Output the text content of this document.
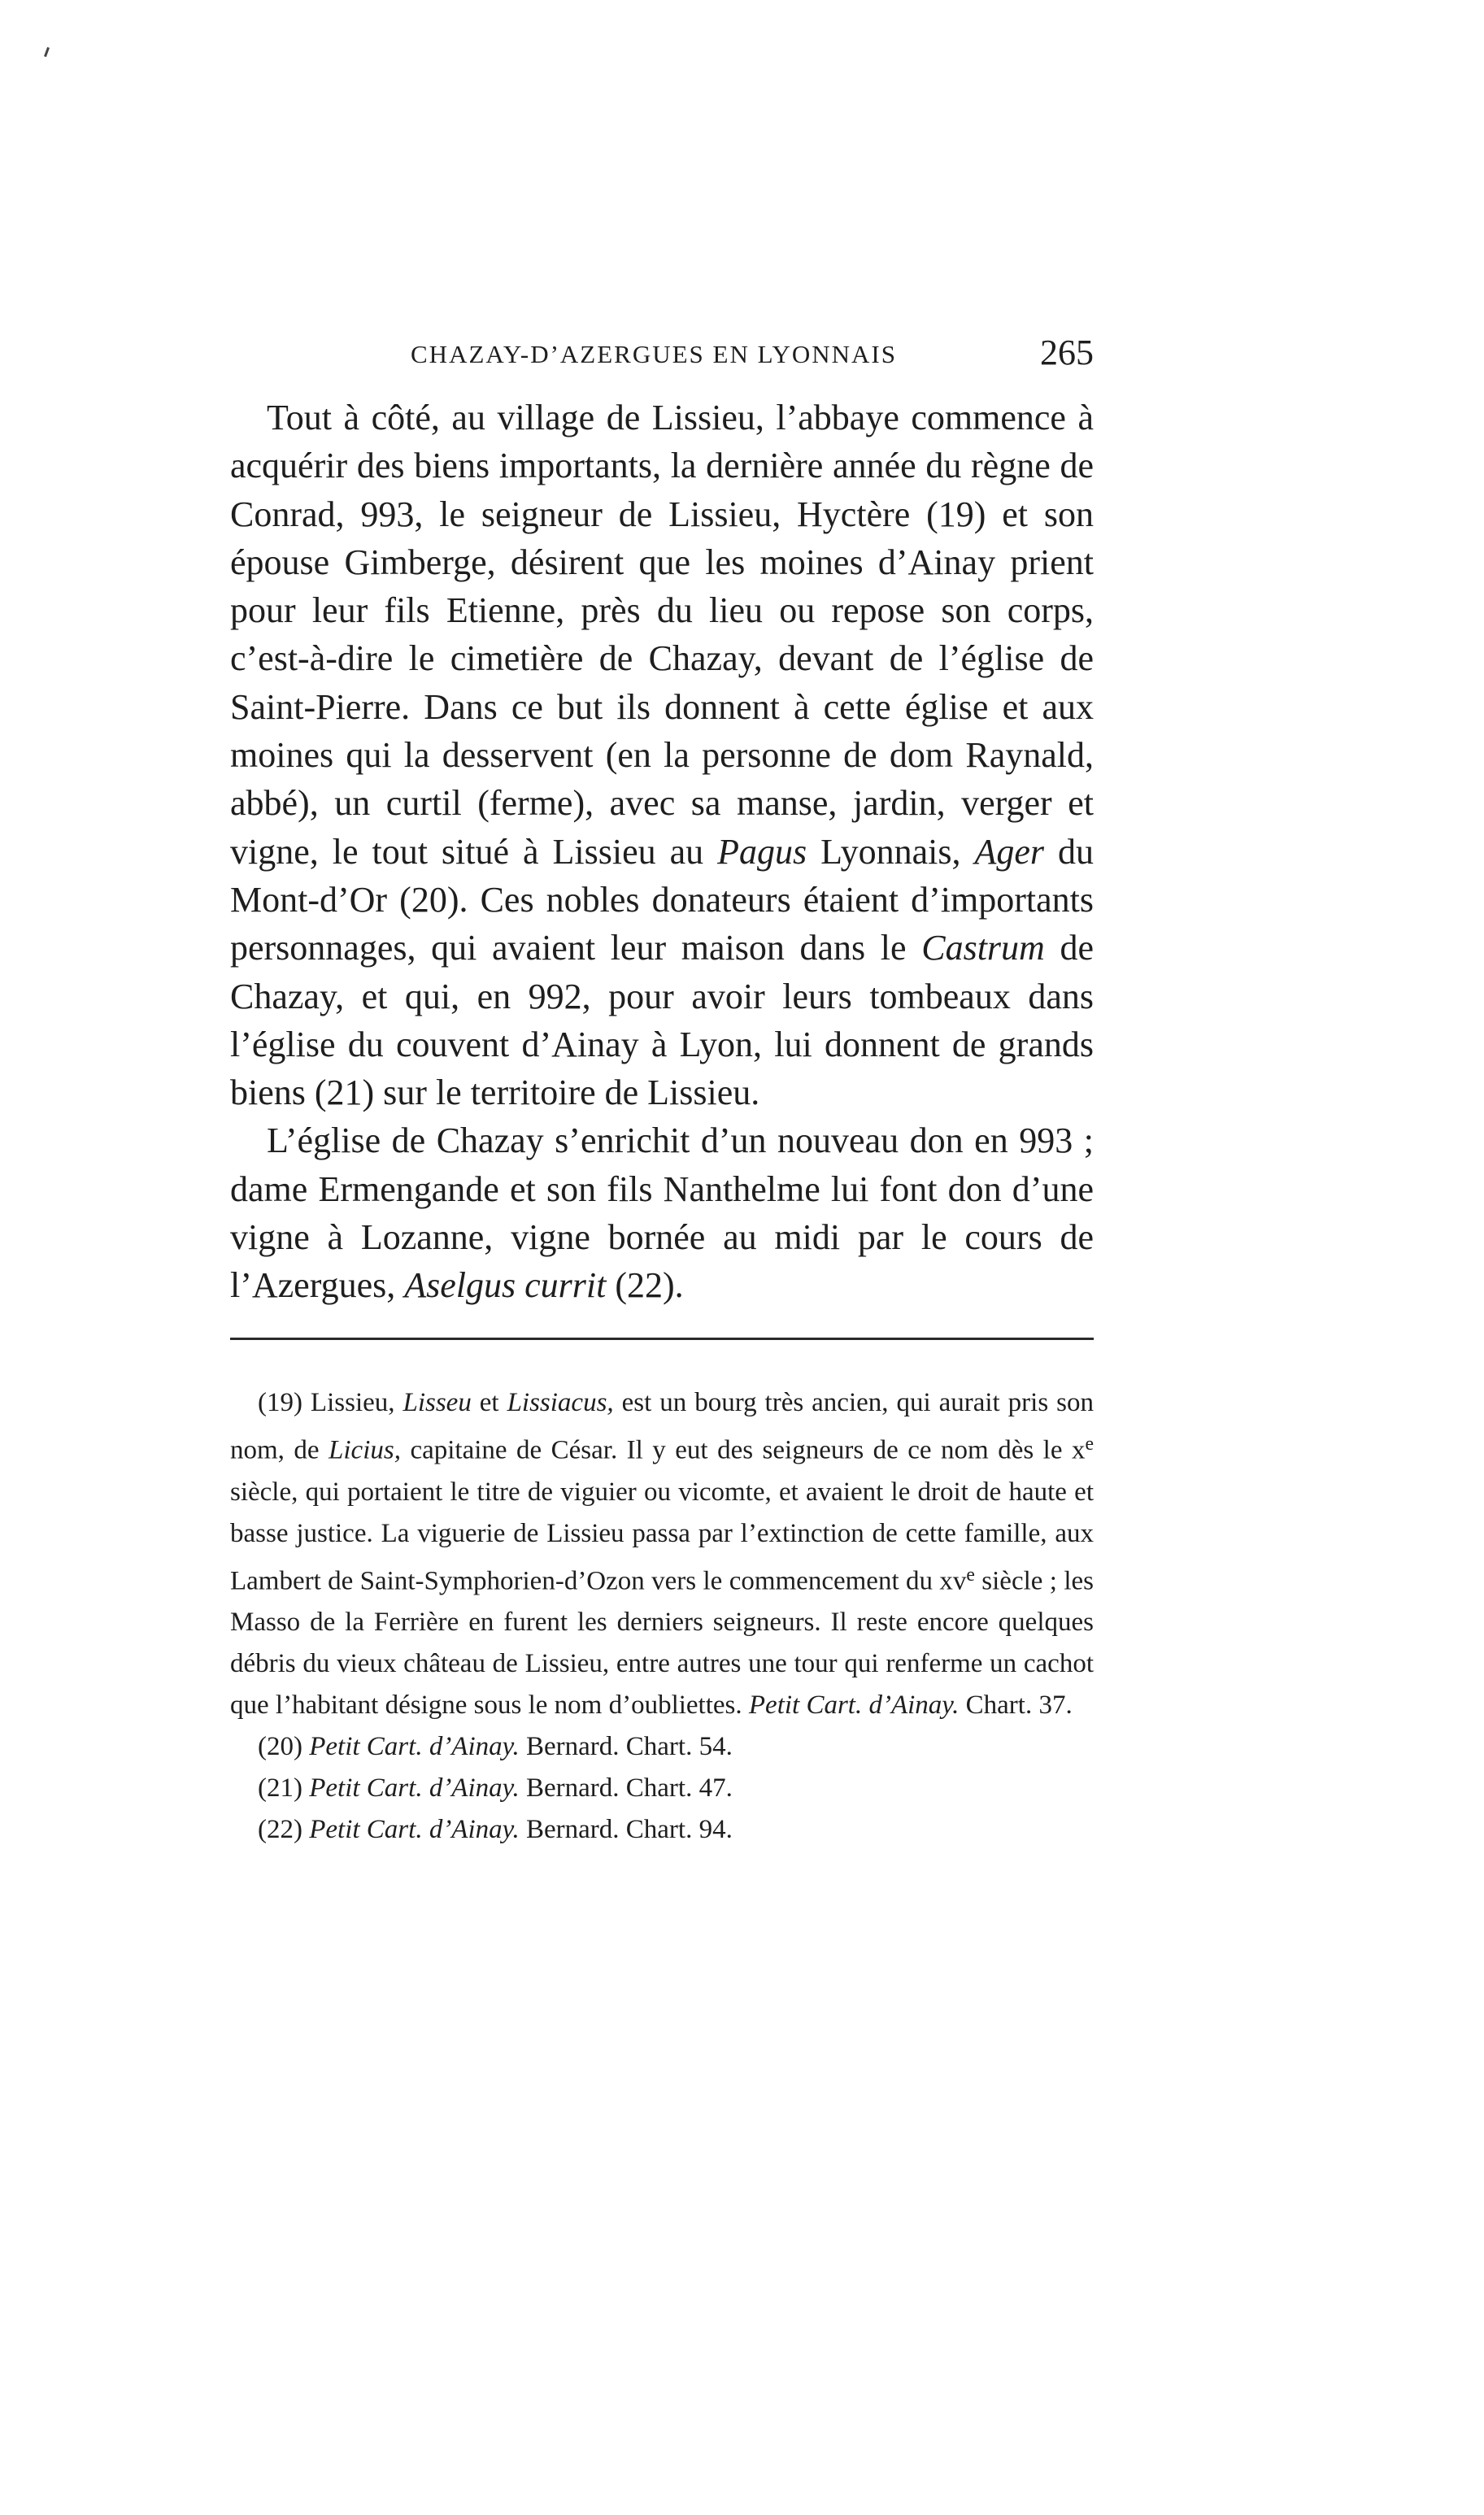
CHAZAY-D’AZERGUES EN LYONNAIS	265

Tout à côté, au village de Lissieu, l’abbaye commence à acquérir des biens importants, la dernière année du règne de Conrad, 993, le seigneur de Lissieu, Hyctère (19) et son épouse Gimberge, désirent que les moines d’Ainay prient pour leur fils Etienne, près du lieu ou repose son corps, c’est-à-dire le cimetière de Chazay, devant de l’église de Saint-Pierre. Dans ce but ils donnent à cette église et aux moines qui la desservent (en la personne de dom Raynald, abbé), un curtil (ferme), avec sa manse, jardin, verger et vigne, le tout situé à Lissieu au Pagus Lyonnais, Ager du Mont-d’Or (20). Ces nobles donateurs étaient d’importants personnages, qui avaient leur maison dans le Castrum de Chazay, et qui, en 992, pour avoir leurs tombeaux dans l’église du couvent d’Ainay à Lyon, lui donnent de grands biens (21) sur le territoire de Lissieu.

L’église de Chazay s’enrichit d’un nouveau don en 993 ; dame Ermengande et son fils Nanthelme lui font don d’une vigne à Lozanne, vigne bornée au midi par le cours de l’Azergues, Aselgus currit (22).

(19) Lissieu, Lisseu et Lissiacus, est un bourg très ancien, qui aurait pris son nom, de Licius, capitaine de César. Il y eut des seigneurs de ce nom dès le $x^e$ siècle, qui portaient le titre de viguier ou vicomte, et avaient le droit de haute et basse justice. La viguerie de Lissieu passa par l’extinction de cette famille, aux Lambert de Saint-Symphorien-d’Ozon vers le commencement du $xv^e$ siècle ; les Masso de la Ferrière en furent les derniers seigneurs. Il reste encore quelques débris du vieux château de Lissieu, entre autres une tour qui renferme un cachot que l’habitant désigne sous le nom d’oubliettes. Petit Cart. d’Ainay. Chart. 37.

(20) Petit Cart. d’Ainay. Bernard. Chart. 54.

(21) Petit Cart. d’Ainay. Bernard. Chart. 47.

(22) Petit Cart. d’Ainay. Bernard. Chart. 94.
